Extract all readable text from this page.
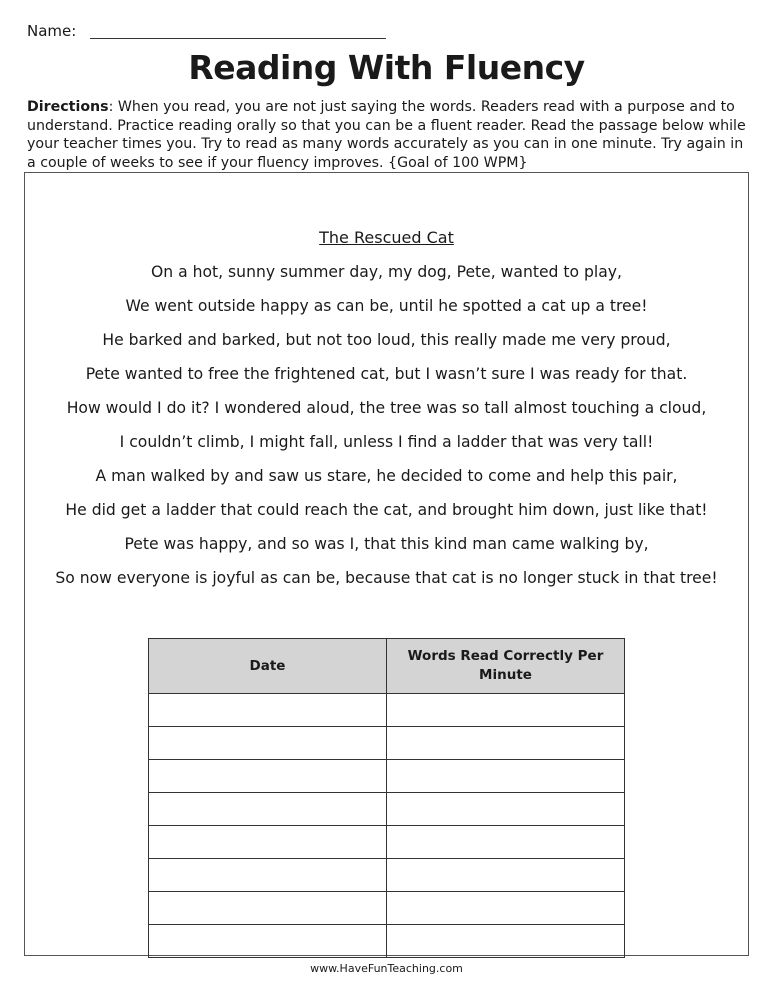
Name:
Reading With Fluency
Directions: When you read, you are not just saying the words. Readers read with a purpose and to understand. Practice reading orally so that you can be a fluent reader. Read the passage below while your teacher times you. Try to read as many words accurately as you can in one minute. Try again in a couple of weeks to see if your fluency improves. {Goal of 100 WPM}
The Rescued Cat
On a hot, sunny summer day, my dog, Pete, wanted to play,
We went outside happy as can be, until he spotted a cat up a tree!
He barked and barked, but not too loud, this really made me very proud,
Pete wanted to free the frightened cat, but I wasn’t sure I was ready for that.
How would I do it? I wondered aloud, the tree was so tall almost touching a cloud,
I couldn’t climb, I might fall, unless I find a ladder that was very tall!
A man walked by and saw us stare, he decided to come and help this pair,
He did get a ladder that could reach the cat, and brought him down, just like that!
Pete was happy, and so was I, that this kind man came walking by,
So now everyone is joyful as can be, because that cat is no longer stuck in that tree!
Date	Words Read Correctly Per Minute

www.HaveFunTeaching.com
